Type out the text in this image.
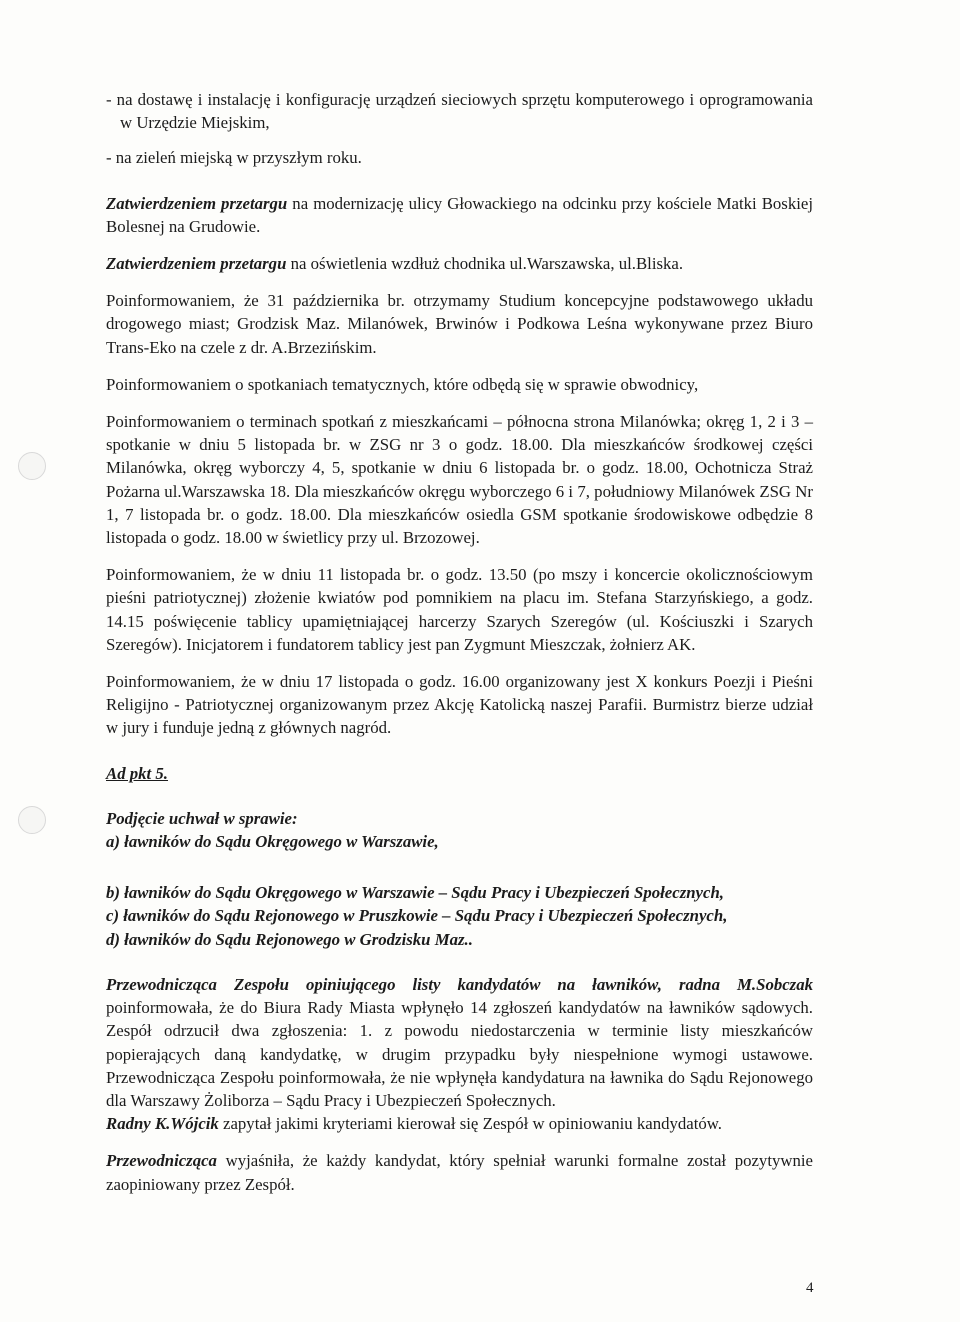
- na dostawę i instalację i konfigurację urządzeń sieciowych sprzętu komputerowego i oprogramowania w Urzędzie Miejskim,

- na zieleń miejską w przyszłym roku.

Zatwierdzeniem przetargu na modernizację ulicy Głowackiego na odcinku przy kościele Matki Boskiej Bolesnej na Grudowie.

Zatwierdzeniem przetargu na oświetlenia wzdłuż chodnika ul.Warszawska, ul.Bliska.

Poinformowaniem, że 31 października br. otrzymamy Studium koncepcyjne podstawowego układu drogowego miast; Grodzisk Maz. Milanówek, Brwinów i Podkowa Leśna wykonywane przez Biuro Trans-Eko na czele z dr. A.Brzezińskim.

Poinformowaniem o spotkaniach tematycznych, które odbędą się w sprawie obwodnicy,

Poinformowaniem o terminach spotkań z mieszkańcami – północna strona Milanówka; okręg 1, 2 i 3 – spotkanie w dniu 5 listopada br. w ZSG nr 3 o godz. 18.00. Dla mieszkańców środkowej części Milanówka, okręg wyborczy 4, 5, spotkanie w dniu 6 listopada br. o godz. 18.00, Ochotnicza Straż Pożarna ul.Warszawska 18. Dla mieszkańców okręgu wyborczego 6 i 7, południowy Milanówek ZSG Nr 1, 7 listopada br. o godz. 18.00. Dla mieszkańców osiedla GSM spotkanie środowiskowe odbędzie 8 listopada o godz. 18.00 w świetlicy przy ul. Brzozowej.

Poinformowaniem, że w dniu 11 listopada br. o godz. 13.50 (po mszy i koncercie okolicznościowym pieśni patriotycznej) złożenie kwiatów pod pomnikiem na placu im. Stefana Starzyńskiego, a godz. 14.15 poświęcenie tablicy upamiętniającej harcerzy Szarych Szeregów (ul. Kościuszki i Szarych Szeregów). Inicjatorem i fundatorem tablicy jest pan Zygmunt Mieszczak, żołnierz AK.

Poinformowaniem, że w dniu 17 listopada o godz. 16.00 organizowany jest X konkurs Poezji i Pieśni Religijno - Patriotycznej organizowanym przez Akcję Katolicką naszej Parafii. Burmistrz bierze udział w jury i funduje jedną z głównych nagród.

Ad pkt 5.

Podjęcie uchwał w sprawie:

a) ławników do Sądu Okręgowego w Warszawie,

b) ławników do Sądu Okręgowego w Warszawie – Sądu Pracy i Ubezpieczeń Społecznych,

c) ławników do Sądu Rejonowego w Pruszkowie – Sądu Pracy i Ubezpieczeń Społecznych,

d) ławników do Sądu Rejonowego w Grodzisku Maz..

Przewodnicząca Zespołu opiniującego listy kandydatów na ławników, radna M.Sobczak poinformowała, że do Biura Rady Miasta wpłynęło 14 zgłoszeń kandydatów na ławników sądowych. Zespół odrzucił dwa zgłoszenia: 1. z powodu niedostarczenia w terminie listy mieszkańców popierających daną kandydatkę, w drugim przypadku były niespełnione wymogi ustawowe. Przewodnicząca Zespołu poinformowała, że nie wpłynęła kandydatura na ławnika do Sądu Rejonowego dla Warszawy Żoliborza – Sądu Pracy i Ubezpieczeń Społecznych.

Radny K.Wójcik zapytał jakimi kryteriami kierował się Zespół w opiniowaniu kandydatów.

Przewodnicząca wyjaśniła, że każdy kandydat, który spełniał warunki formalne został pozytywnie zaopiniowany przez Zespół.

4
